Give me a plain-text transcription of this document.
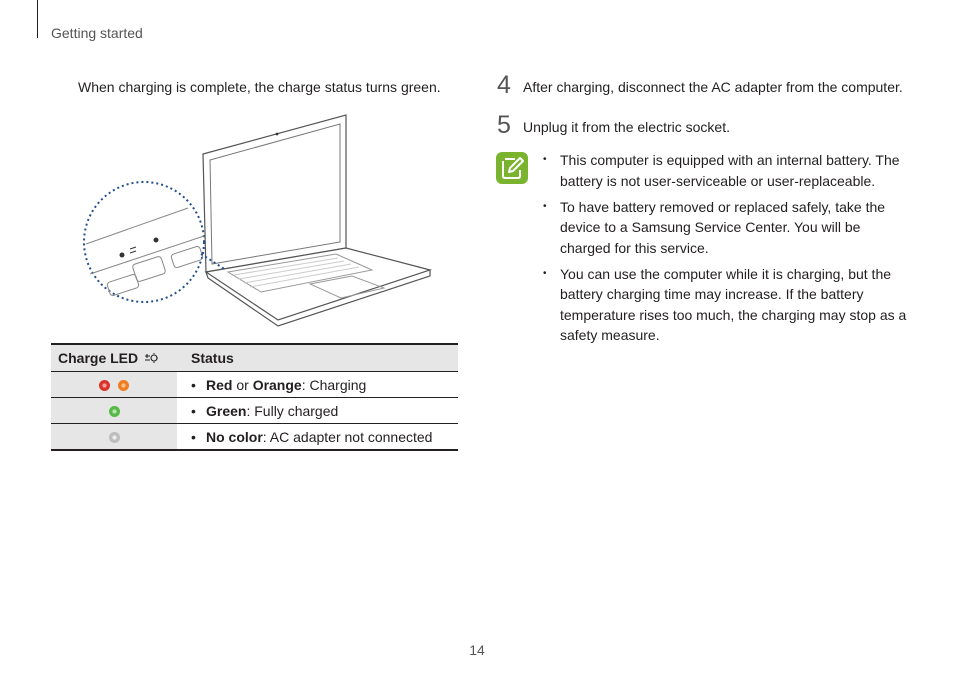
Getting started
When charging is complete, the charge status turns green.
Charge LED	Status
	• Red or Orange: Charging
	• Green: Fully charged
	• No color: AC adapter not connected
4 After charging, disconnect the AC adapter from the computer.
5 Unplug it from the electric socket.
• This computer is equipped with an internal battery. The battery is not user-serviceable or user-replaceable.
• To have battery removed or replaced safely, take the device to a Samsung Service Center. You will be charged for this service.
• You can use the computer while it is charging, but the battery charging time may increase. If the battery temperature rises too much, the charging may stop as a safety measure.
14
